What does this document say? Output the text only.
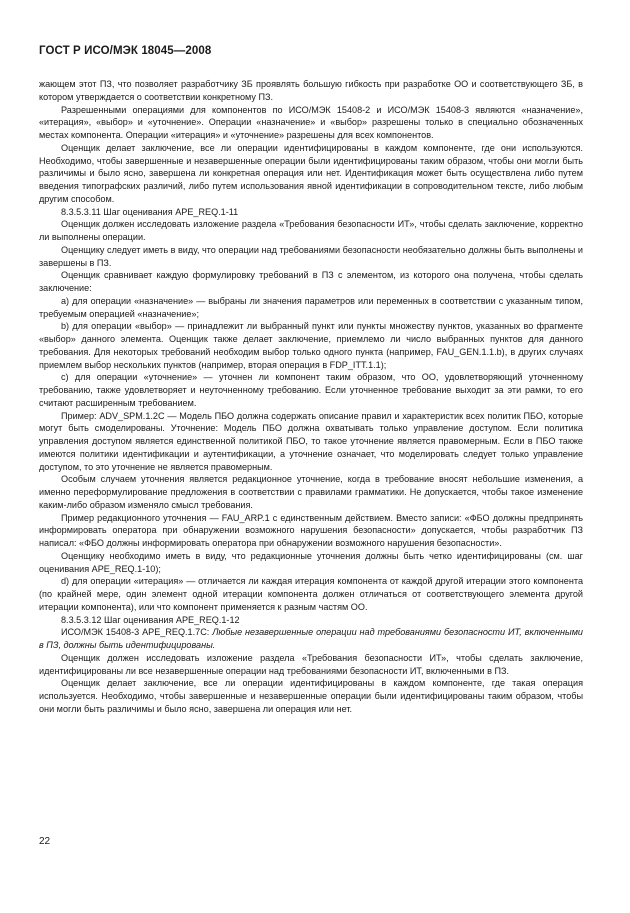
ГОСТ Р ИСО/МЭК 18045—2008

жающем этот ПЗ, что позволяет разработчику ЗБ проявлять большую гибкость при разработке ОО и соответствующего ЗБ, в котором утверждается о соответствии конкретному ПЗ.

Разрешенными операциями для компонентов по ИСО/МЭК 15408-2 и ИСО/МЭК 15408-3 являются «назначение», «итерация», «выбор» и «уточнение». Операции «назначение» и «выбор» разрешены только в специально обозначенных местах компонента. Операции «итерация» и «уточнение» разрешены для всех компонентов.

Оценщик делает заключение, все ли операции идентифицированы в каждом компоненте, где они используются. Необходимо, чтобы завершенные и незавершенные операции были идентифицированы таким образом, чтобы они могли быть различимы и было ясно, завершена ли конкретная операция или нет. Идентификация может быть осуществлена либо путем введения типографских различий, либо путем использования явной идентификации в сопроводительном тексте, либо любым другим способом.

8.3.5.3.11 Шаг оценивания APE_REQ.1-11

Оценщик должен исследовать изложение раздела «Требования безопасности ИТ», чтобы сделать заключение, корректно ли выполнены операции.

Оценщику следует иметь в виду, что операции над требованиями безопасности необязательно должны быть выполнены и завершены в ПЗ.

Оценщик сравнивает каждую формулировку требований в ПЗ с элементом, из которого она получена, чтобы сделать заключение:

a) для операции «назначение» — выбраны ли значения параметров или переменных в соответствии с указанным типом, требуемым операцией «назначение»;

b) для операции «выбор» — принадлежит ли выбранный пункт или пункты множеству пунктов, указанных во фрагменте «выбор» данного элемента. Оценщик также делает заключение, приемлемо ли число выбранных пунктов для данного требования. Для некоторых требований необходим выбор только одного пункта (например, FAU_GEN.1.1.b), в других случаях приемлем выбор нескольких пунктов (например, вторая операция в FDP_ITT.1.1);

c) для операции «уточнение» — уточнен ли компонент таким образом, что ОО, удовлетворяющий уточненному требованию, также удовлетворяет и неуточненному требованию. Если уточненное требование выходит за эти рамки, то его считают расширенным требованием.

Пример: ADV_SPM.1.2C — Модель ПБО должна содержать описание правил и характеристик всех политик ПБО, которые могут быть смоделированы. Уточнение: Модель ПБО должна охватывать только управление доступом. Если политика управления доступом является единственной политикой ПБО, то такое уточнение является правомерным. Если в ПБО также имеются политики идентификации и аутентификации, а уточнение означает, что моделировать следует только управление доступом, то это уточнение не является правомерным.

Особым случаем уточнения является редакционное уточнение, когда в требование вносят небольшие изменения, а именно переформулирование предложения в соответствии с правилами грамматики. Не допускается, чтобы такое изменение каким-либо образом изменяло смысл требования.

Пример редакционного уточнения — FAU_ARP.1 с единственным действием. Вместо записи: «ФБО должны предпринять информировать оператора при обнаружении возможного нарушения безопасности» допускается, чтобы разработчик ПЗ написал: «ФБО должны информировать оператора при обнаружении возможного нарушения безопасности».

Оценщику необходимо иметь в виду, что редакционные уточнения должны быть четко идентифицированы (см. шаг оценивания APE_REQ.1-10);

d) для операции «итерация» — отличается ли каждая итерация компонента от каждой другой итерации этого компонента (по крайней мере, один элемент одной итерации компонента должен отличаться от соответствующего элемента другой итерации компонента), или что компонент применяется к разным частям ОО.

8.3.5.3.12 Шаг оценивания APE_REQ.1-12

ИСО/МЭК 15408-3 APE_REQ.1.7C: Любые незавершенные операции над требованиями безопасности ИТ, включенными в ПЗ, должны быть идентифицированы.

Оценщик должен исследовать изложение раздела «Требования безопасности ИТ», чтобы сделать заключение, идентифицированы ли все незавершенные операции над требованиями безопасности ИТ, включенными в ПЗ.

Оценщик делает заключение, все ли операции идентифицированы в каждом компоненте, где такая операция используется. Необходимо, чтобы завершенные и незавершенные операции были идентифицированы таким образом, чтобы они могли быть различимы и было ясно, завершена ли операция или нет.

22
